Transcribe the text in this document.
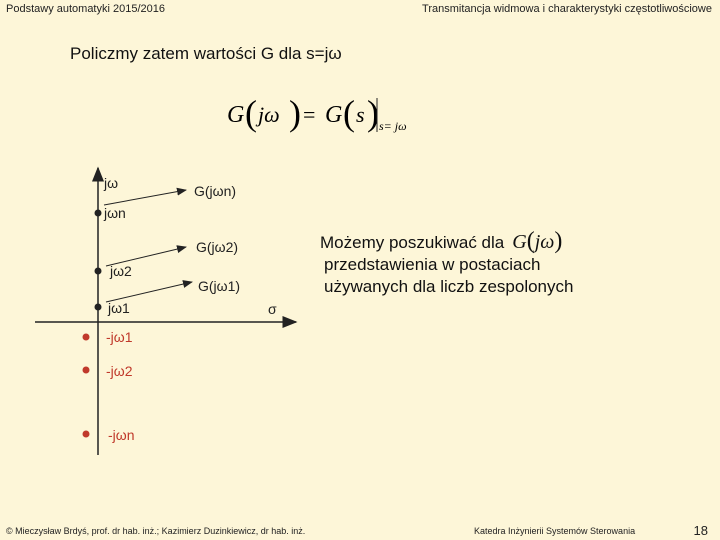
Podstawy automatyki 2015/2016	Transmitancja widmowa i charakterystyki częstotliwościowe
Policzmy zatem wartości G dla s=jω
G ( jω ) = G ( s ) s= jω
jω
σ
jωn
jω2
jω1
G(jωn)
G(jω2)
G(jω1)
-jω1
-jω2
-jωn
Możemy poszukiwać dla G(jω)
przedstawienia w postaciach
używanych dla liczb zespolonych
© Mieczysław Brdyś, prof. dr hab. inż.; Kazimierz Duzinkiewicz, dr hab. inż.	Katedra Inżynierii Systemów Sterowania	18
